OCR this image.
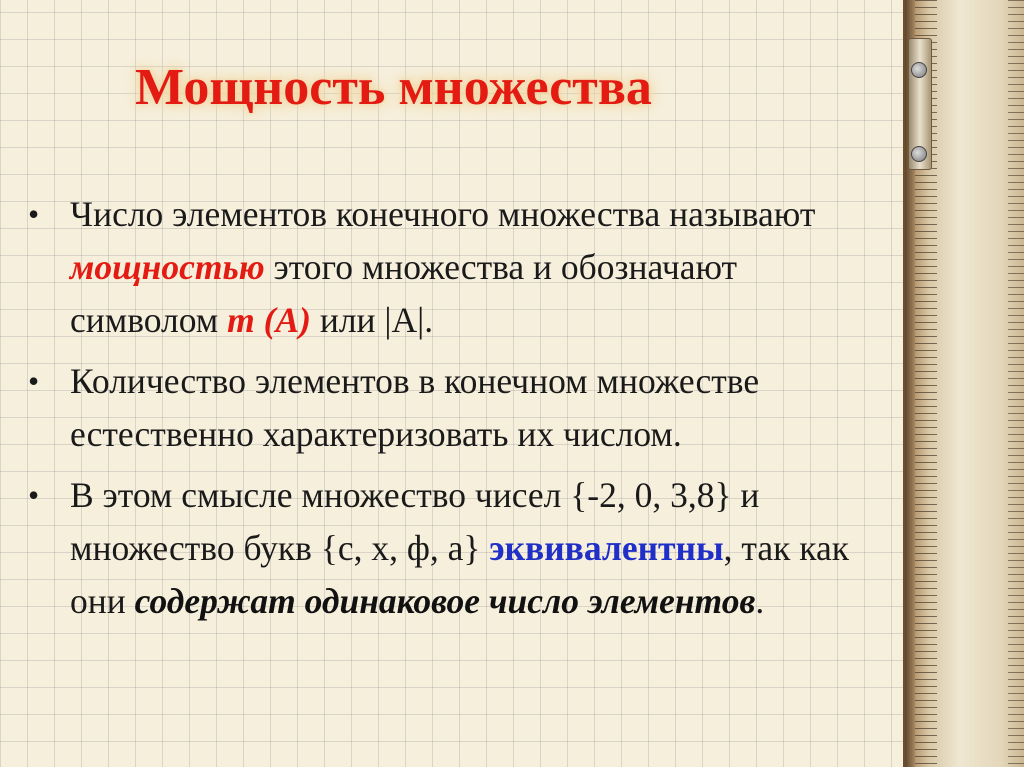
Мощность множества
• Число элементов конечного множества называют мощностью этого множества и обозначают символом m (A) или |A|.
• Количество элементов в конечном множестве естественно характеризовать их числом.
• В этом смысле множество чисел {-2, 0, 3,8} и множество букв {с, х, ф, а} эквивалентны, так как они содержат одинаковое число элементов.
